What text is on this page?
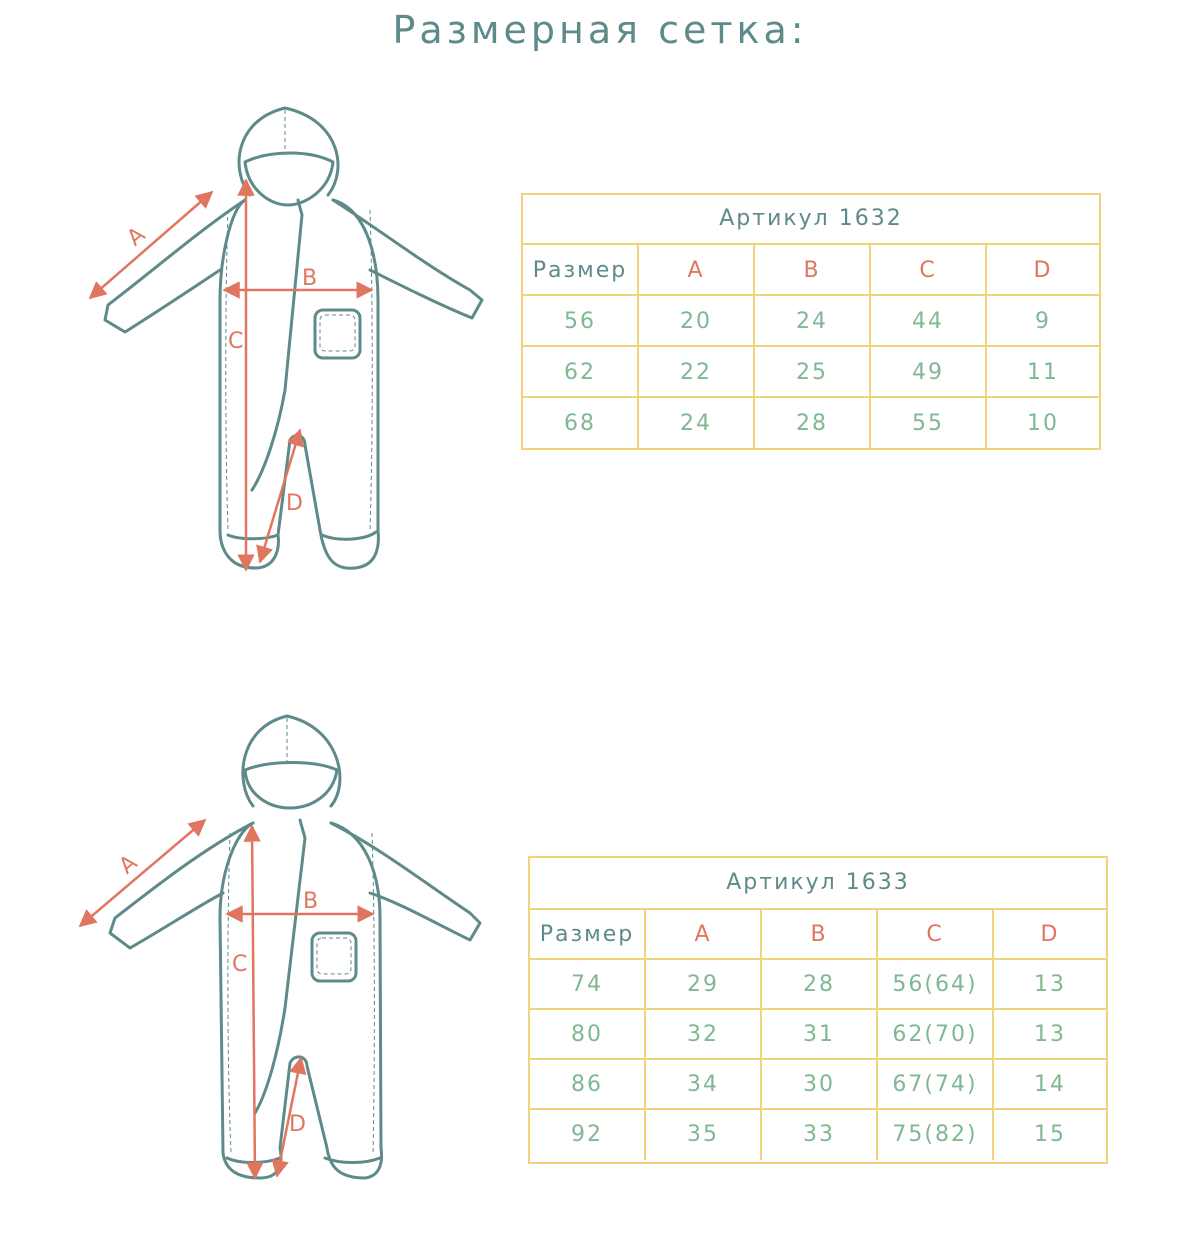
Размерная сетка:
A
B
C
D
A
B
C
D
Артикул 1632
Размер	A	B	C	D
56	20	24	44	9
62	22	25	49	11
68	24	28	55	10
Артикул 1633
Размер	A	B	C	D
74	29	28	56(64)	13
80	32	31	62(70)	13
86	34	30	67(74)	14
92	35	33	75(82)	15
